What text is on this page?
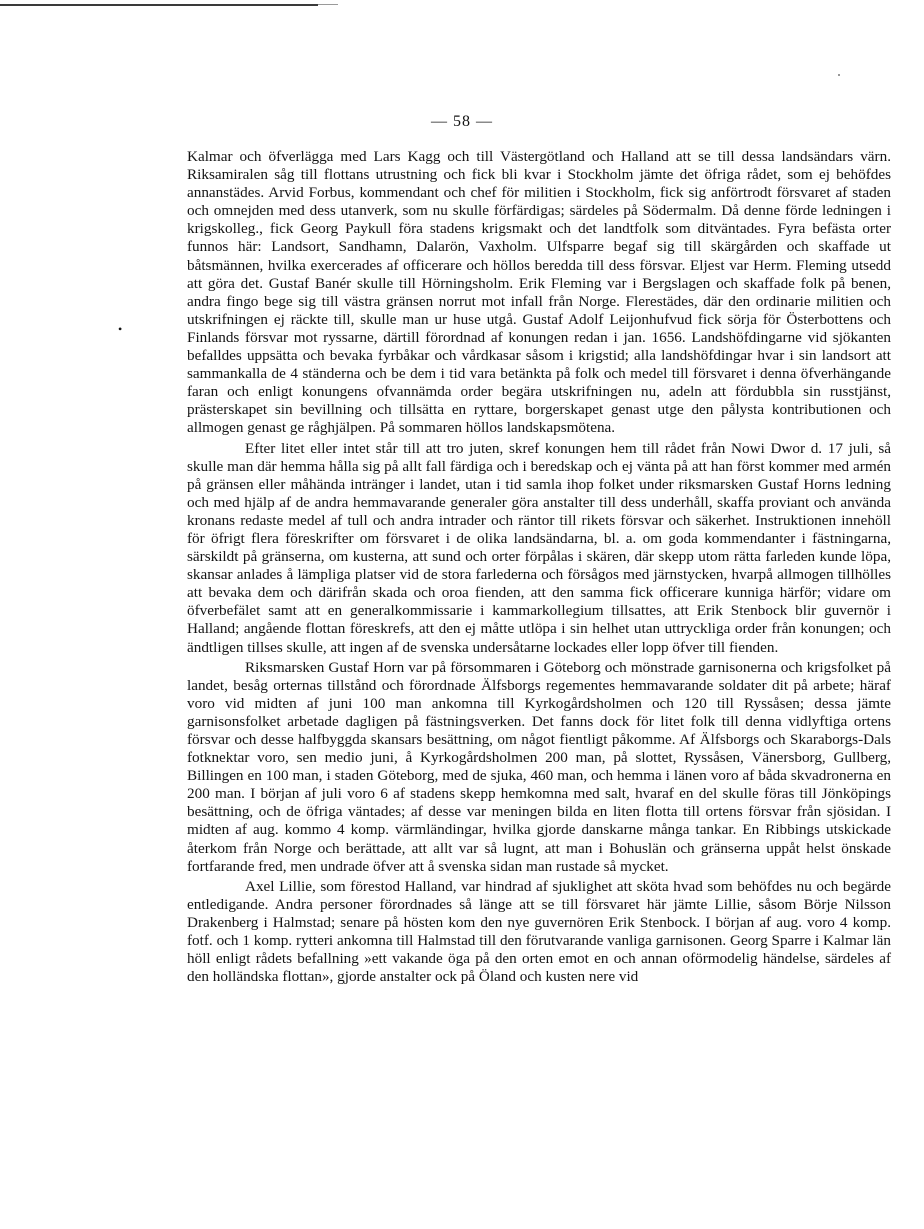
— 58 —
•

Kalmar och öfverlägga med Lars Kagg och till Västergötland och Halland att se till dessa landsändars värn. Riksamiralen såg till flottans utrustning och fick bli kvar i Stockholm jämte det öfriga rådet, som ej behöfdes annanstädes. Arvid Forbus, kommendant och chef för militien i Stockholm, fick sig anförtrodt försvaret af staden och omnejden med dess utanverk, som nu skulle förfärdigas; särdeles på Södermalm. Då denne förde ledningen i krigskolleg., fick Georg Paykull föra stadens krigsmakt och det landtfolk som ditväntades. Fyra befästa orter funnos här: Landsort, Sandhamn, Dalarön, Vaxholm. Ulfsparre begaf sig till skärgården och skaffade ut båtsmännen, hvilka exercerades af officerare och höllos beredda till dess försvar. Eljest var Herm. Fleming utsedd att göra det. Gustaf Banér skulle till Hörningsholm. Erik Fleming var i Bergslagen och skaffade folk på benen, andra fingo bege sig till västra gränsen norrut mot infall från Norge. Flerestädes, där den ordinarie militien och utskrifningen ej räckte till, skulle man ur huse utgå. Gustaf Adolf Leijonhufvud fick sörja för Österbottens och Finlands försvar mot ryssarne, därtill förordnad af konungen redan i jan. 1656. Landshöfdingarne vid sjökanten befalldes uppsätta och bevaka fyrbåkar och vårdkasar såsom i krigstid; alla landshöfdingar hvar i sin landsort att sammankalla de 4 ständerna och be dem i tid vara betänkta på folk och medel till försvaret i denna öfverhängande faran och enligt konungens ofvannämda order begära utskrifningen nu, adeln att fördubbla sin russtjänst, prästerskapet sin bevillning och tillsätta en ryttare, borgerskapet genast utge den pålysta kontributionen och allmogen genast ge råghjälpen. På sommaren höllos landskapsmötena.

Efter litet eller intet står till att tro juten, skref konungen hem till rådet från Nowi Dwor d. 17 juli, så skulle man där hemma hålla sig på allt fall färdiga och i beredskap och ej vänta på att han först kommer med armén på gränsen eller måhända intränger i landet, utan i tid samla ihop folket under riksmarsken Gustaf Horns ledning och med hjälp af de andra hemmavarande generaler göra anstalter till dess underhåll, skaffa proviant och använda kronans redaste medel af tull och andra intrader och räntor till rikets försvar och säkerhet. Instruktionen innehöll för öfrigt flera föreskrifter om försvaret i de olika landsändarna, bl. a. om goda kommendanter i fästningarna, särskildt på gränserna, om kusterna, att sund och orter förpålas i skären, där skepp utom rätta farleden kunde löpa, skansar anlades å lämpliga platser vid de stora farlederna och försågos med järnstycken, hvarpå allmogen tillhölles att bevaka dem och därifrån skada och oroa fienden, att den samma fick officerare kunniga härför; vidare om öfverbefälet samt att en generalkommissarie i kammarkollegium tillsattes, att Erik Stenbock blir guvernör i Halland; angående flottan föreskrefs, att den ej måtte utlöpa i sin helhet utan uttryckliga order från konungen; och ändtligen tillses skulle, att ingen af de svenska undersåtarne lockades eller lopp öfver till fienden.

Riksmarsken Gustaf Horn var på försommaren i Göteborg och mönstrade garnisonerna och krigsfolket på landet, besåg orternas tillstånd och förordnade Älfsborgs regementes hemmavarande soldater dit på arbete; häraf voro vid midten af juni 100 man ankomna till Kyrkogårdsholmen och 120 till Ryssåsen; dessa jämte garnisonsfolket arbetade dagligen på fästningsverken. Det fanns dock för litet folk till denna vidlyftiga ortens försvar och desse halfbyggda skansars besättning, om något fientligt påkomme. Af Älfsborgs och Skaraborgs-Dals fotknektar voro, sen medio juni, å Kyrkogårdsholmen 200 man, på slottet, Ryssåsen, Vänersborg, Gullberg, Billingen en 100 man, i staden Göteborg, med de sjuka, 460 man, och hemma i länen voro af båda skvadronerna en 200 man. I början af juli voro 6 af stadens skepp hemkomna med salt, hvaraf en del skulle föras till Jönköpings besättning, och de öfriga väntades; af desse var meningen bilda en liten flotta till ortens försvar från sjösidan. I midten af aug. kommo 4 komp. värmländingar, hvilka gjorde danskarne många tankar. En Ribbings utskickade återkom från Norge och berättade, att allt var så lugnt, att man i Bohuslän och gränserna uppåt helst önskade fortfarande fred, men undrade öfver att å svenska sidan man rustade så mycket.

Axel Lillie, som förestod Halland, var hindrad af sjuklighet att sköta hvad som behöfdes nu och begärde entledigande. Andra personer förordnades så länge att se till försvaret här jämte Lillie, såsom Börje Nilsson Drakenberg i Halmstad; senare på hösten kom den nye guvernören Erik Stenbock. I början af aug. voro 4 komp. fotf. och 1 komp. rytteri ankomna till Halmstad till den förutvarande vanliga garnisonen. Georg Sparre i Kalmar län höll enligt rådets befallning »ett vakande öga på den orten emot en och annan oförmodelig händelse, särdeles af den holländska flottan», gjorde anstalter ock på Öland och kusten nere vid
